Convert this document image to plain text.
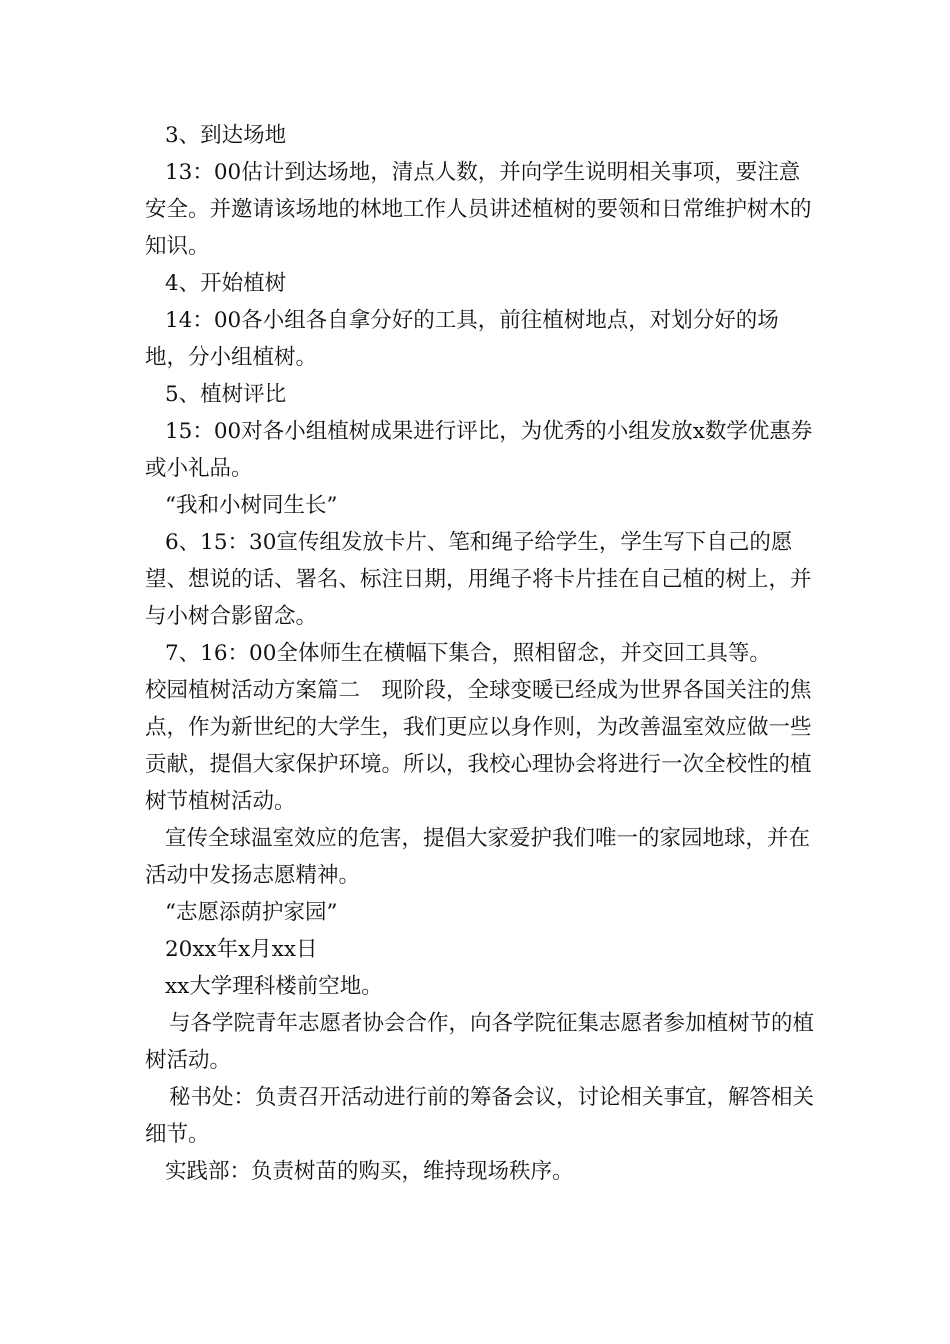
3、到达场地

13：00估计到达场地，清点人数，并向学生说明相关事项，要注意安全。并邀请该场地的林地工作人员讲述植树的要领和日常维护树木的知识。

4、开始植树

14：00各小组各自拿分好的工具，前往植树地点，对划分好的场地，分小组植树。

5、植树评比

15：00对各小组植树成果进行评比，为优秀的小组发放x数学优惠券或小礼品。

“我和小树同生长”

6、15：30宣传组发放卡片、笔和绳子给学生，学生写下自己的愿望、想说的话、署名、标注日期，用绳子将卡片挂在自己植的树上，并与小树合影留念。

7、16：00全体师生在横幅下集合，照相留念，并交回工具等。

校园植树活动方案篇二　现阶段，全球变暖已经成为世界各国关注的焦点，作为新世纪的大学生，我们更应以身作则，为改善温室效应做一些贡献，提倡大家保护环境。所以，我校心理协会将进行一次全校性的植树节植树活动。

宣传全球温室效应的危害，提倡大家爱护我们唯一的家园地球，并在活动中发扬志愿精神。

“志愿添荫护家园”

20xx年x月xx日

xx大学理科楼前空地。

与各学院青年志愿者协会合作，向各学院征集志愿者参加植树节的植树活动。

秘书处：负责召开活动进行前的筹备会议，讨论相关事宜，解答相关细节。

实践部：负责树苗的购买，维持现场秩序。
